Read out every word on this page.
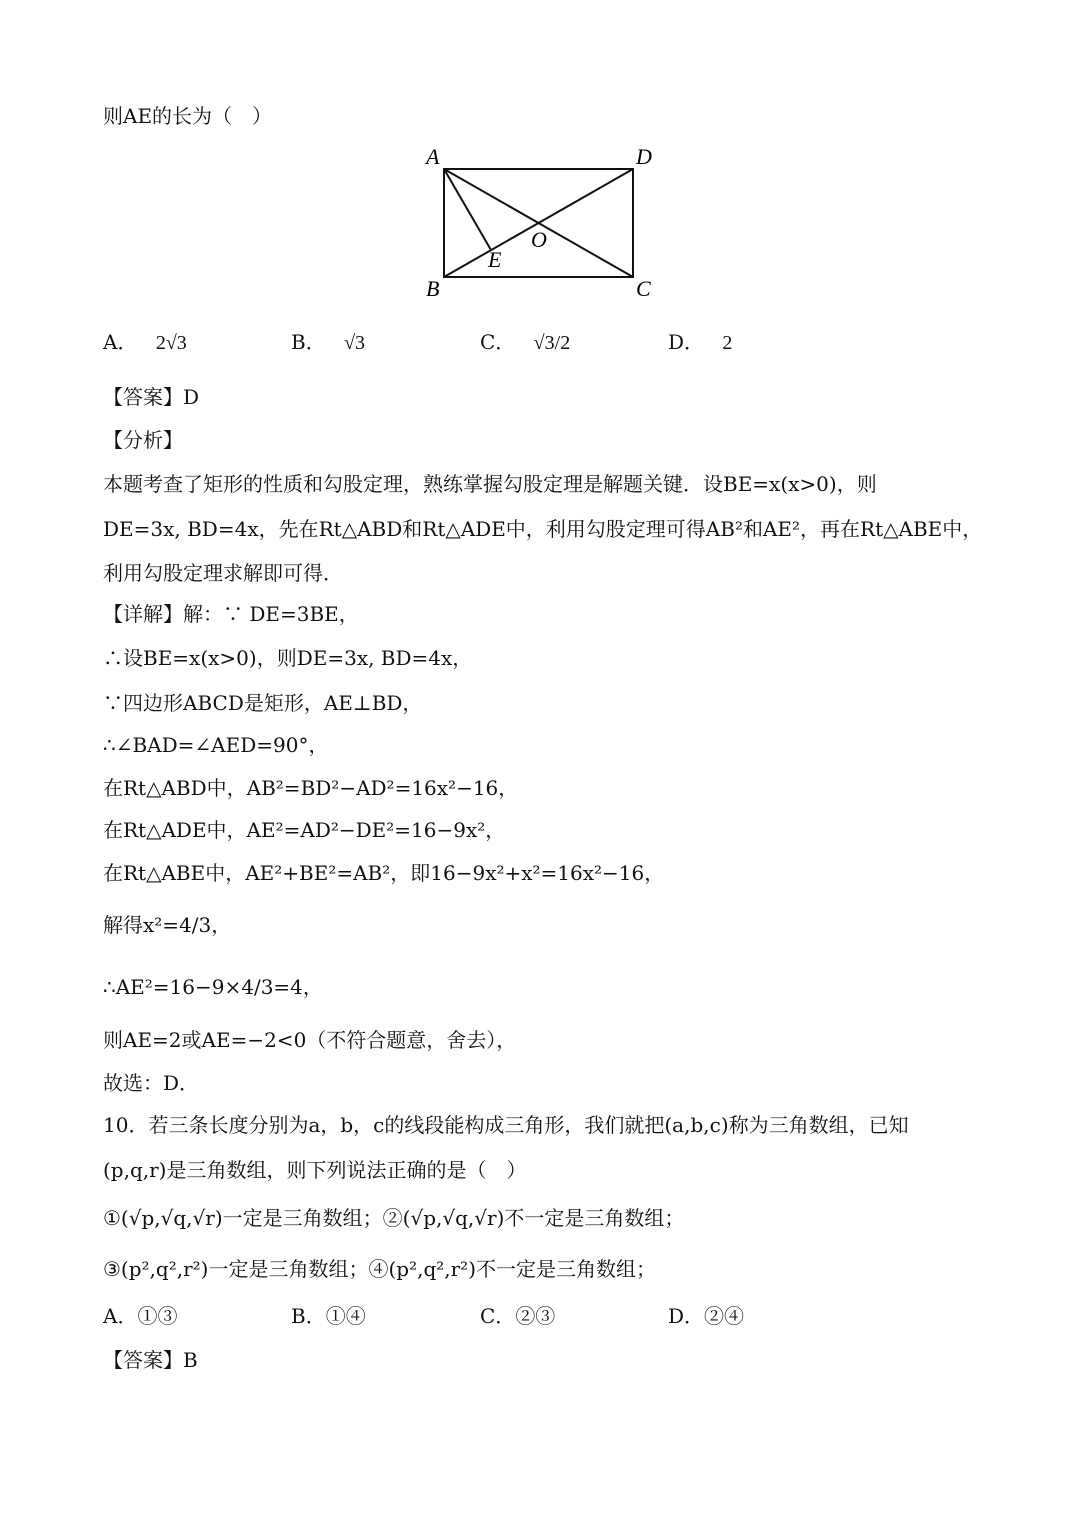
则AE的长为（　）
A	D
B	C
E
O
A． 2√3	B． √3	C． √3/2	D． 2
【答案】D
【分析】
本题考查了矩形的性质和勾股定理，熟练掌握勾股定理是解题关键．设BE=x(x>0)，则
DE=3x, BD=4x，先在Rt△ABD和Rt△ADE中，利用勾股定理可得AB²和AE²，再在Rt△ABE中，
利用勾股定理求解即可得．
【详解】解：∵ DE=3BE，
∴设BE=x(x>0)，则DE=3x, BD=4x，
∵四边形ABCD是矩形，AE⊥BD，
∴∠BAD=∠AED=90°，
在Rt△ABD中，AB²=BD²−AD²=16x²−16，
在Rt△ADE中，AE²=AD²−DE²=16−9x²，
在Rt△ABE中，AE²+BE²=AB²，即16−9x²+x²=16x²−16，
解得x²=4/3，
∴AE²=16−9×4/3=4，
则AE=2或AE=−2<0（不符合题意，舍去），
故选：D．
10．若三条长度分别为a，b，c的线段能构成三角形，我们就把(a,b,c)称为三角数组，已知
(p,q,r)是三角数组，则下列说法正确的是（　）
①(√p,√q,√r)一定是三角数组；②(√p,√q,√r)不一定是三角数组；
③(p²,q²,r²)一定是三角数组；④(p²,q²,r²)不一定是三角数组；
A．①③	B．①④	C．②③	D．②④
【答案】B
